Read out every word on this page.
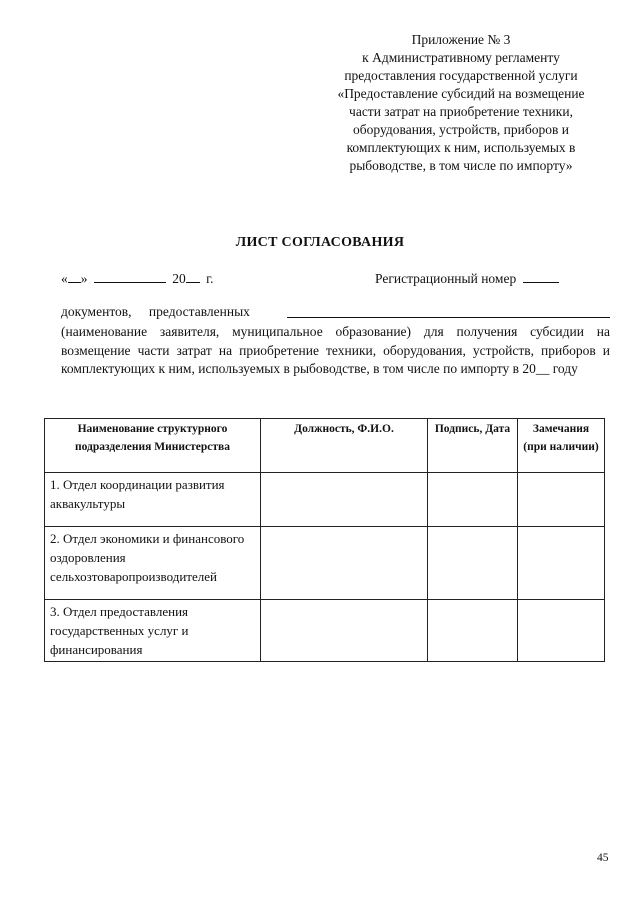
Приложение № 3
к Административному регламенту
предоставления государственной услуги
«Предоставление субсидий на возмещение
части затрат на приобретение техники,
оборудования, устройств, приборов и
комплектующих к ним, используемых в
рыбоводстве, в том числе по импорту»
ЛИСТ СОГЛАСОВАНИЯ
« »	20 г.	Регистрационный номер
документов, предоставленных
(наименование заявителя, муниципальное образование) для получения субсидии на возмещение части затрат на приобретение техники, оборудования, устройств, приборов и комплектующих к ним, используемых в рыбоводстве, в том числе по импорту в 20__ году
Наименование структурного подразделения Министерства	Должность, Ф.И.О.	Подпись, Дата	Замечания (при наличии)
1. Отдел координации развития аквакультуры			
2. Отдел экономики и финансового оздоровления сельхозтоваропроизводителей			
3. Отдел предоставления государственных услуг и финансирования			
45
